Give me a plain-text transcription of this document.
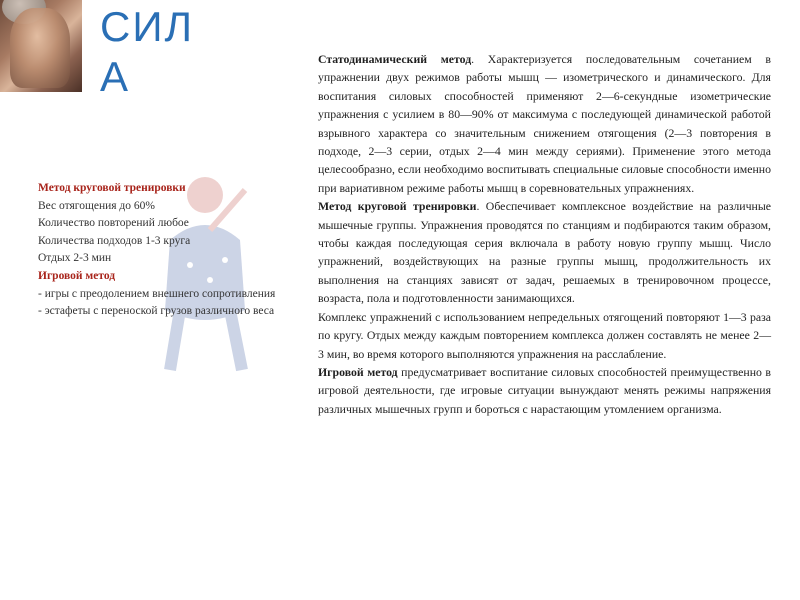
СИЛА
Метод круговой тренировки
Вес отягощения до 60%
Количество повторений любое
Количества подходов 1-3 круга
Отдых 2-3 мин
Игровой метод
- игры с преодолением внешнего сопротивления
- эстафеты с переноской грузов различного веса

Статодинамический метод. Характеризуется последовательным сочетанием в упражнении двух режимов работы мышц — изометрического и динамического. Для воспитания силовых способностей применяют 2—6-секундные изометрические упражнения с усилием в 80—90% от максимума с последующей динамической работой взрывного характера со значительным снижением отягощения (2—3 повторения в подходе, 2—3 серии, отдых 2—4 мин между сериями). Применение этого метода целесообразно, если необходимо воспитывать специальные силовые способности именно при вариативном режиме работы мышц в соревновательных упражнениях.

Метод круговой тренировки. Обеспечивает комплексное воздействие на различные мышечные группы. Упражнения проводятся по станциям и подбираются таким образом, чтобы каждая последующая серия включала в работу новую группу мышц. Число упражнений, воздействующих на разные группы мышц, продолжительность их выполнения на станциях зависят от задач, решаемых в тренировочном процессе, возраста, пола и подготовленности занимающихся.

Комплекс упражнений с использованием непредельных отягощений повторяют 1—3 раза по кругу. Отдых между каждым повторением комплекса должен составлять не менее 2—3 мин, во время которого выполняются упражнения на расслабление.

Игровой метод предусматривает воспитание силовых способностей преимущественно в игровой деятельности, где игровые ситуации вынуждают менять режимы напряжения различных мышечных групп и бороться с нарастающим утомлением организма.
